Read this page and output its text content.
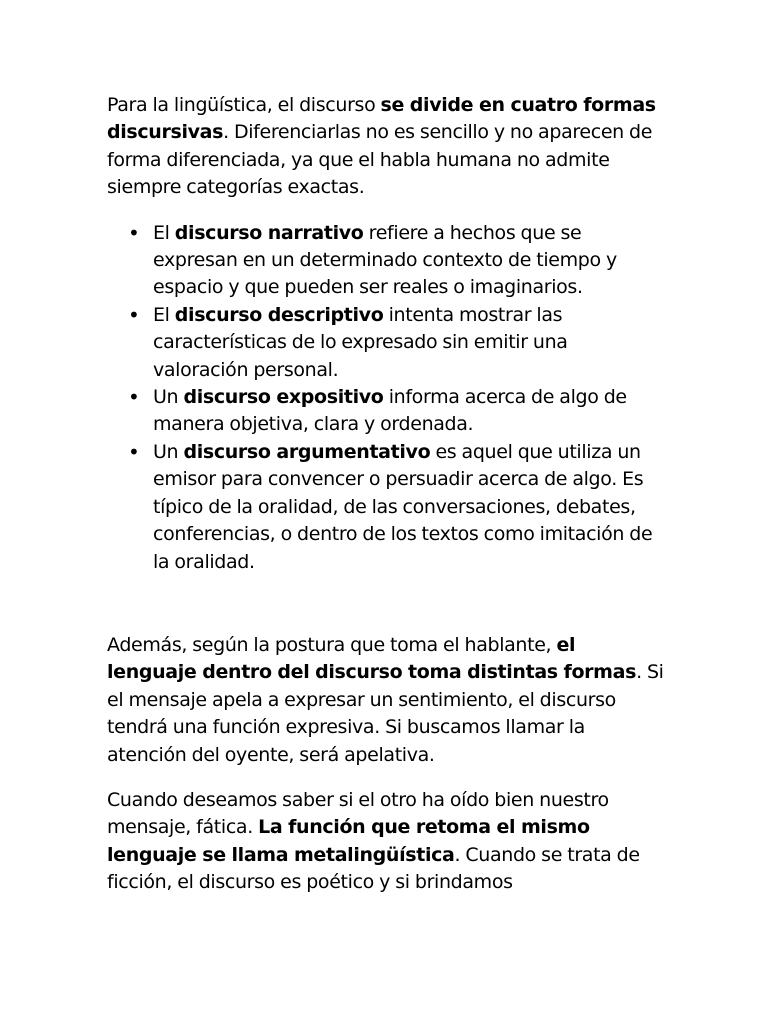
Para la lingüística, el discurso se divide en cuatro formas discursivas. Diferenciarlas no es sencillo y no aparecen de forma diferenciada, ya que el habla humana no admite siempre categorías exactas.

• El discurso narrativo refiere a hechos que se expresan en un determinado contexto de tiempo y espacio y que pueden ser reales o imaginarios.
• El discurso descriptivo intenta mostrar las características de lo expresado sin emitir una valoración personal.
• Un discurso expositivo informa acerca de algo de manera objetiva, clara y ordenada.
• Un discurso argumentativo es aquel que utiliza un emisor para convencer o persuadir acerca de algo. Es típico de la oralidad, de las conversaciones, debates, conferencias, o dentro de los textos como imitación de la oralidad.

Además, según la postura que toma el hablante, el lenguaje dentro del discurso toma distintas formas. Si el mensaje apela a expresar un sentimiento, el discurso tendrá una función expresiva. Si buscamos llamar la atención del oyente, será apelativa.

Cuando deseamos saber si el otro ha oído bien nuestro mensaje, fática. La función que retoma el mismo lenguaje se llama metalingüística. Cuando se trata de ficción, el discurso es poético y si brindamos
